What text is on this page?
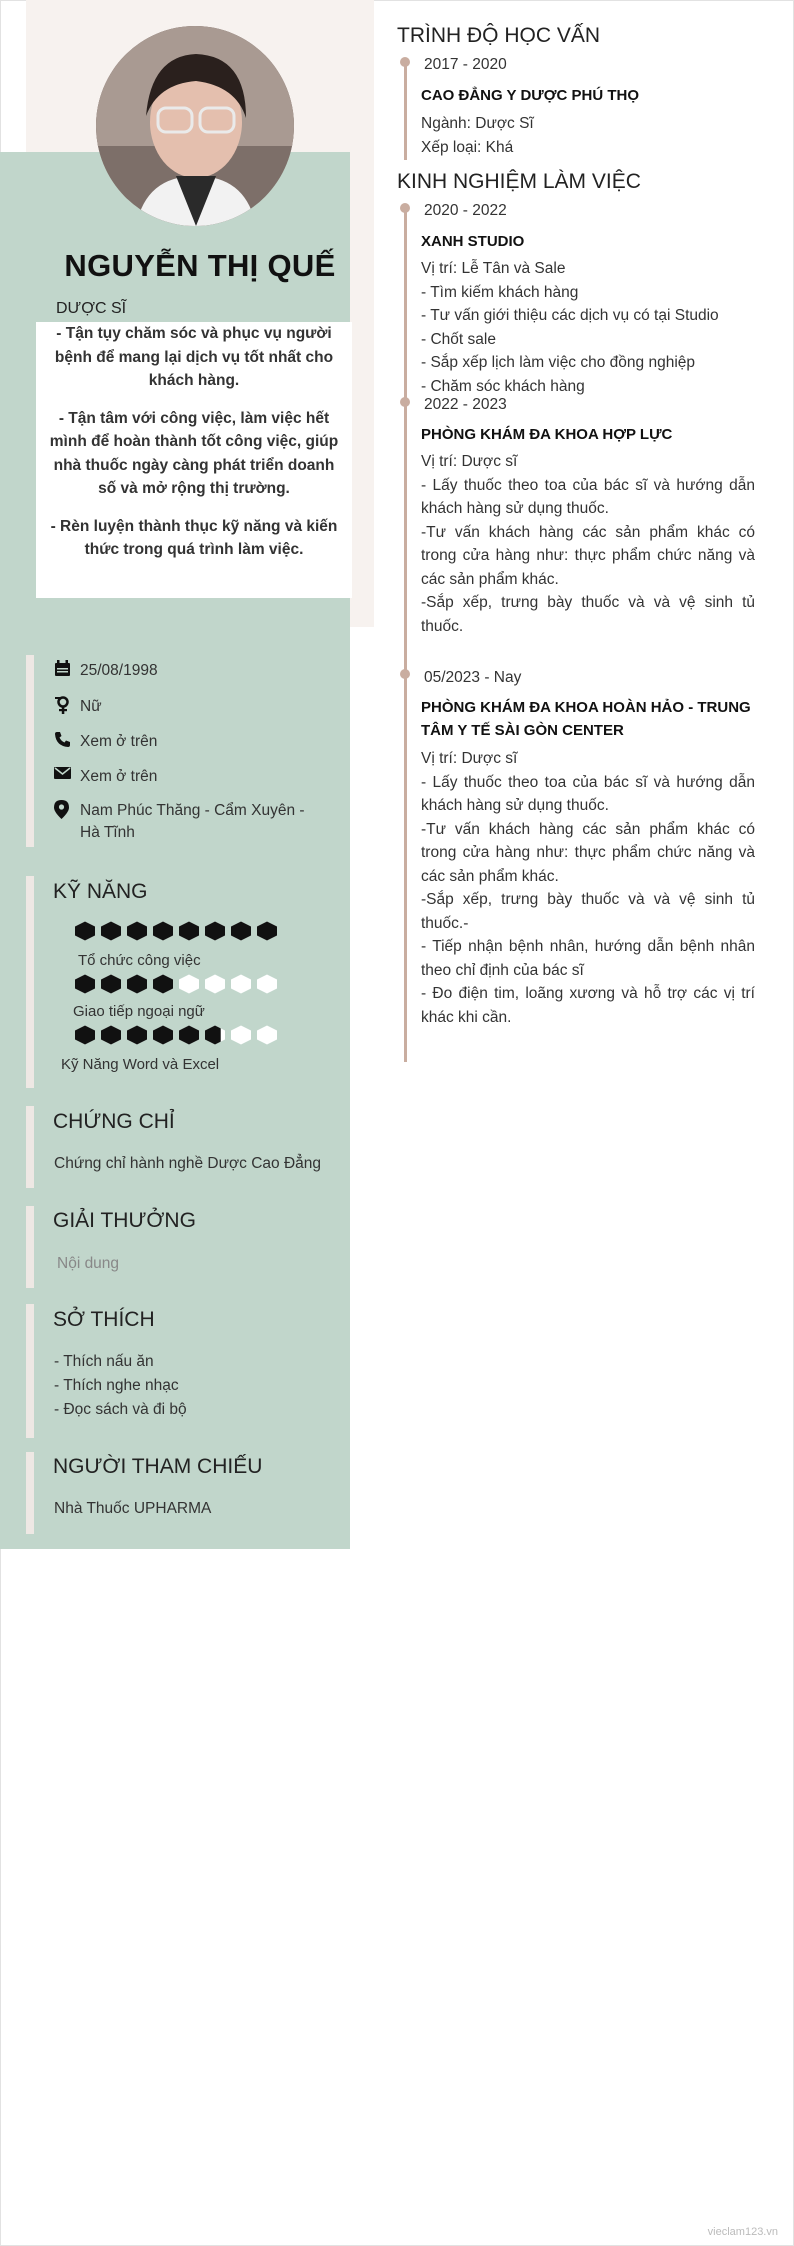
NGUYỄN THỊ QUẾ
DƯỢC SĨ

- Tận tụy chăm sóc và phục vụ người bệnh để mang lại dịch vụ tốt nhất cho khách hàng.

- Tận tâm với công việc, làm việc hết mình để hoàn thành tốt công việc, giúp nhà thuốc ngày càng phát triển doanh số và mở rộng thị trường.

- Rèn luyện thành thục kỹ năng và kiến thức trong quá trình làm việc.

25/08/1998
Nữ
Xem ở trên
Xem ở trên
Nam Phúc Thăng - Cẩm Xuyên - Hà Tĩnh
KỸ NĂNG
Tổ chức công việc
Giao tiếp ngoại ngữ
Kỹ Năng Word và Excel
CHỨNG CHỈ
Chứng chỉ hành nghề Dược Cao Đẳng
GIẢI THƯỞNG
Nội dung
SỞ THÍCH
- Thích nấu ăn
- Thích nghe nhạc
- Đọc sách và đi bộ
NGƯỜI THAM CHIẾU
Nhà Thuốc UPHARMA
TRÌNH ĐỘ HỌC VẤN
2017 - 2020
CAO ĐẲNG Y DƯỢC PHÚ THỌ
Ngành: Dược Sĩ
Xếp loại: Khá
KINH NGHIỆM LÀM VIỆC
2020 - 2022
XANH STUDIO
Vị trí: Lễ Tân và Sale
- Tìm kiếm khách hàng
- Tư vấn giới thiệu các dịch vụ có tại Studio
- Chốt sale
- Sắp xếp lịch làm việc cho đồng nghiệp
- Chăm sóc khách hàng
2022 - 2023
PHÒNG KHÁM ĐA KHOA HỢP LỰC
Vị trí: Dược sĩ
- Lấy thuốc theo toa của bác sĩ và hướng dẫn khách hàng sử dụng thuốc.
-Tư vấn khách hàng các sản phẩm khác có trong cửa hàng như: thực phẩm chức năng và các sản phẩm khác.
-Sắp xếp, trưng bày thuốc và và vệ sinh tủ thuốc.
05/2023 - Nay
PHÒNG KHÁM ĐA KHOA HOÀN HẢO - TRUNG TÂM Y TẾ SÀI GÒN CENTER
Vị trí: Dược sĩ
- Lấy thuốc theo toa của bác sĩ và hướng dẫn khách hàng sử dụng thuốc.
-Tư vấn khách hàng các sản phẩm khác có trong cửa hàng như: thực phẩm chức năng và các sản phẩm khác.
-Sắp xếp, trưng bày thuốc và và vệ sinh tủ thuốc.-
- Tiếp nhận bệnh nhân, hướng dẫn bệnh nhân theo chỉ định của bác sĩ
- Đo điện tim, loãng xương và hỗ trợ các vị trí khác khi cần.
vieclam123.vn
